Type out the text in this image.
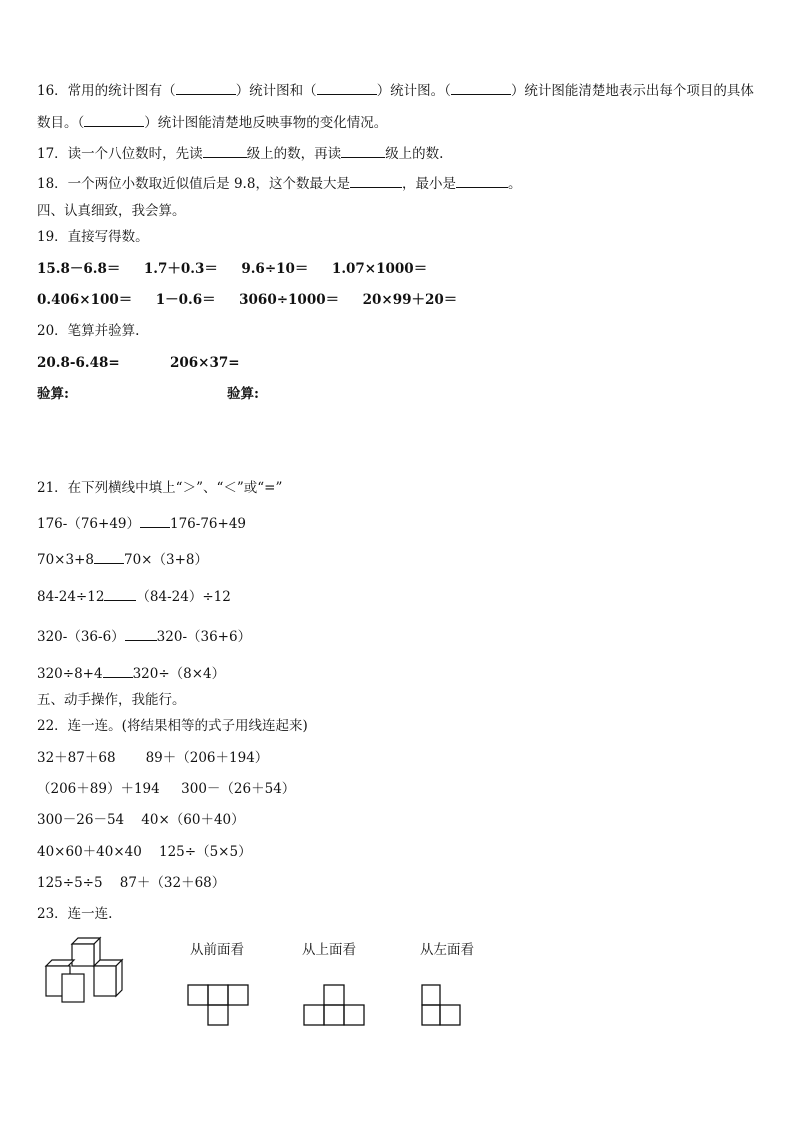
16．常用的统计图有（	）统计图和（	）统计图。（	）统计图能清楚地表示出每个项目的具体
数目。（	）统计图能清楚地反映事物的变化情况。
17．读一个八位数时，先读	级上的数，再读	级上的数.
18．一个两位小数取近似值后是 9.8，这个数最大是	，最小是	。
四、认真细致，我会算。
19．直接写得数。
15.8－6.8＝     1.7＋0.3＝     9.6÷10＝     1.07×1000＝
0.406×100＝     1－0.6＝     3060÷1000＝     20×99＋20＝
20．笔算并验算.
20.8-6.48=	206×37=
验算:	验算:
21．在下列横线中填上“＞”、“＜”或“=”
176-（76+49） 176-76+49
70×3+8 70×（3+8）
84-24÷12 （84-24）÷12
320-（36-6） 320-（36+6）
320÷8+4 320÷（8×4）
五、动手操作，我能行。
22．连一连。(将结果相等的式子用线连起来)
32＋87＋68       89＋（206＋194）
（206＋89）＋194     300－（26＋54）
300－26－54    40×（60＋40）
40×60＋40×40    125÷（5×5）
125÷5÷5    87＋（32＋68）
23．连一连.
从前面看	从上面看	从左面看
